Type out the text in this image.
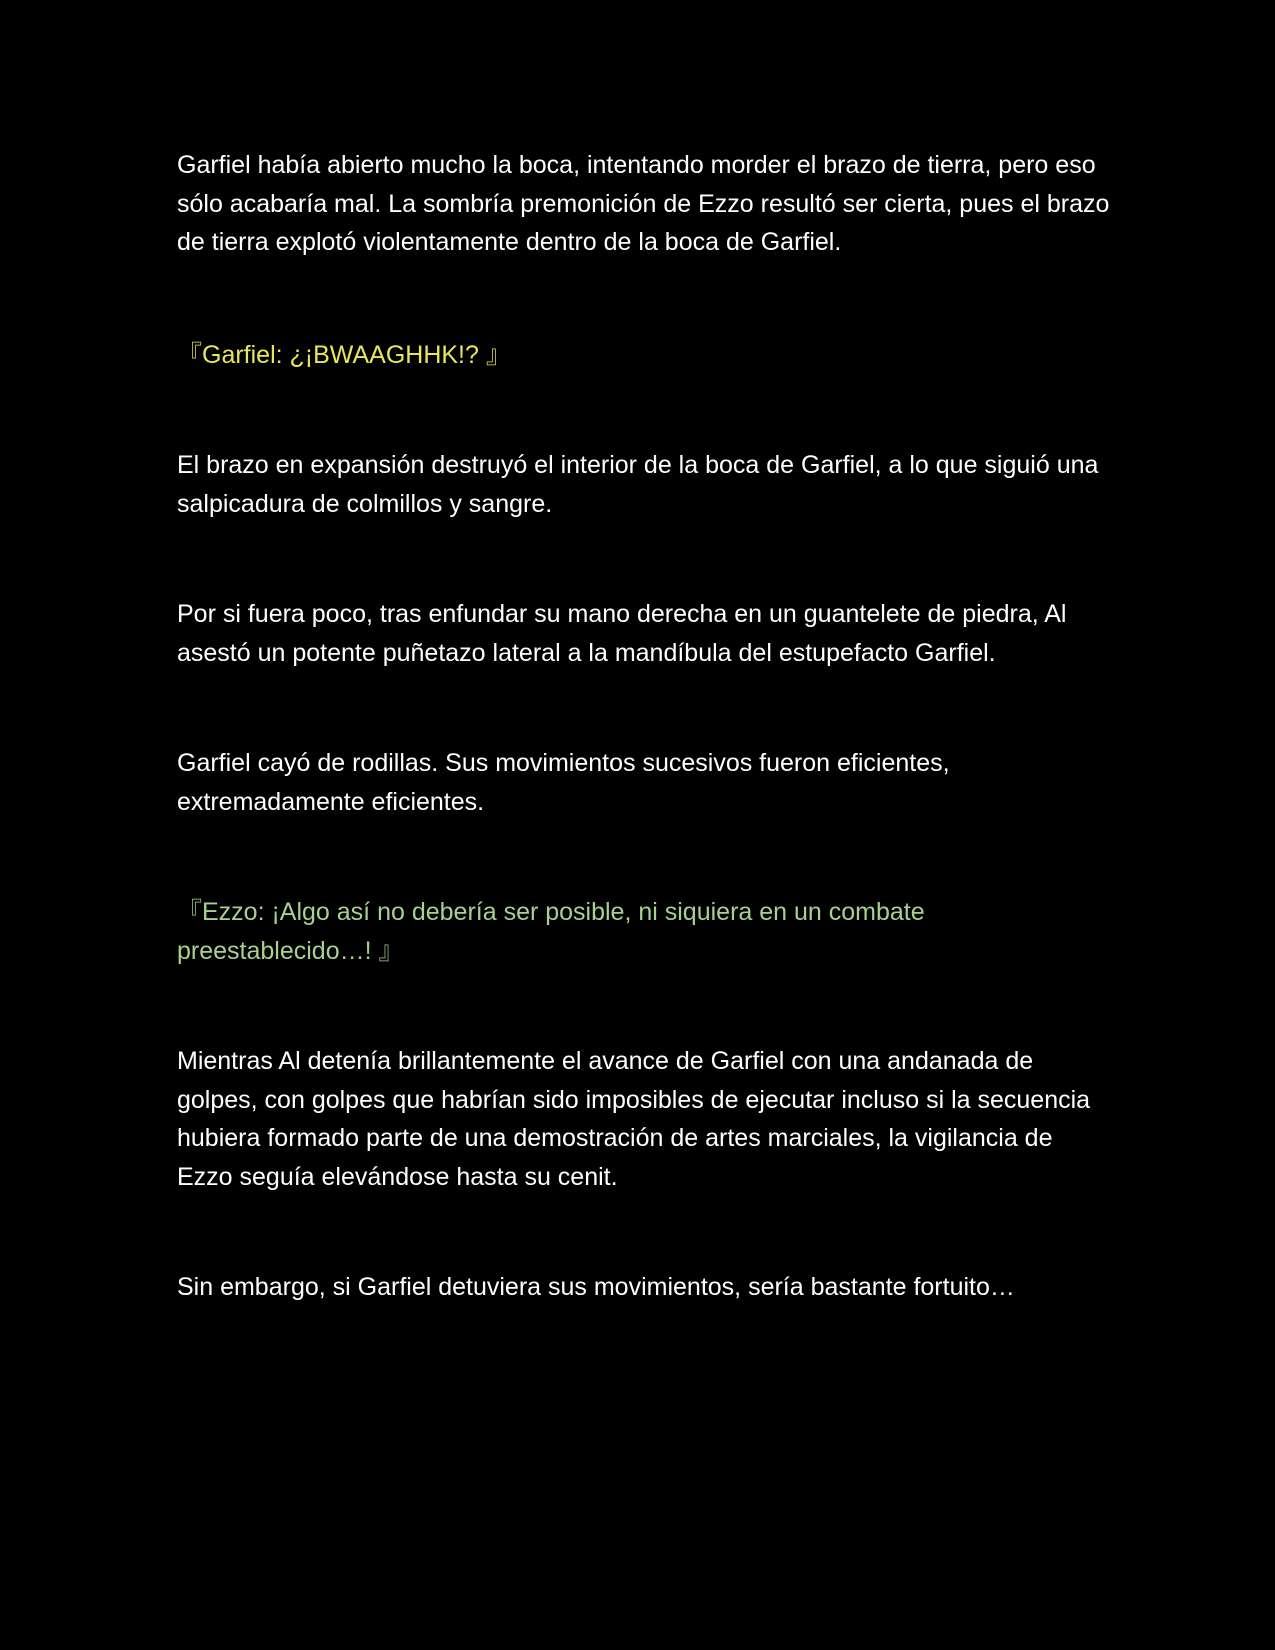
Garfiel había abierto mucho la boca, intentando morder el brazo de tierra, pero eso sólo acabaría mal. La sombría premonición de Ezzo resultó ser cierta, pues el brazo de tierra explotó violentamente dentro de la boca de Garfiel.

『Garfiel: ¿¡BWAAGHHK!? 』

El brazo en expansión destruyó el interior de la boca de Garfiel, a lo que siguió una salpicadura de colmillos y sangre.

Por si fuera poco, tras enfundar su mano derecha en un guantelete de piedra, Al asestó un potente puñetazo lateral a la mandíbula del estupefacto Garfiel.

Garfiel cayó de rodillas. Sus movimientos sucesivos fueron eficientes, extremadamente eficientes.

『Ezzo: ¡Algo así no debería ser posible, ni siquiera en un combate preestablecido…! 』

Mientras Al detenía brillantemente el avance de Garfiel con una andanada de golpes, con golpes que habrían sido imposibles de ejecutar incluso si la secuencia hubiera formado parte de una demostración de artes marciales, la vigilancia de Ezzo seguía elevándose hasta su cenit.

Sin embargo, si Garfiel detuviera sus movimientos, sería bastante fortuito…
